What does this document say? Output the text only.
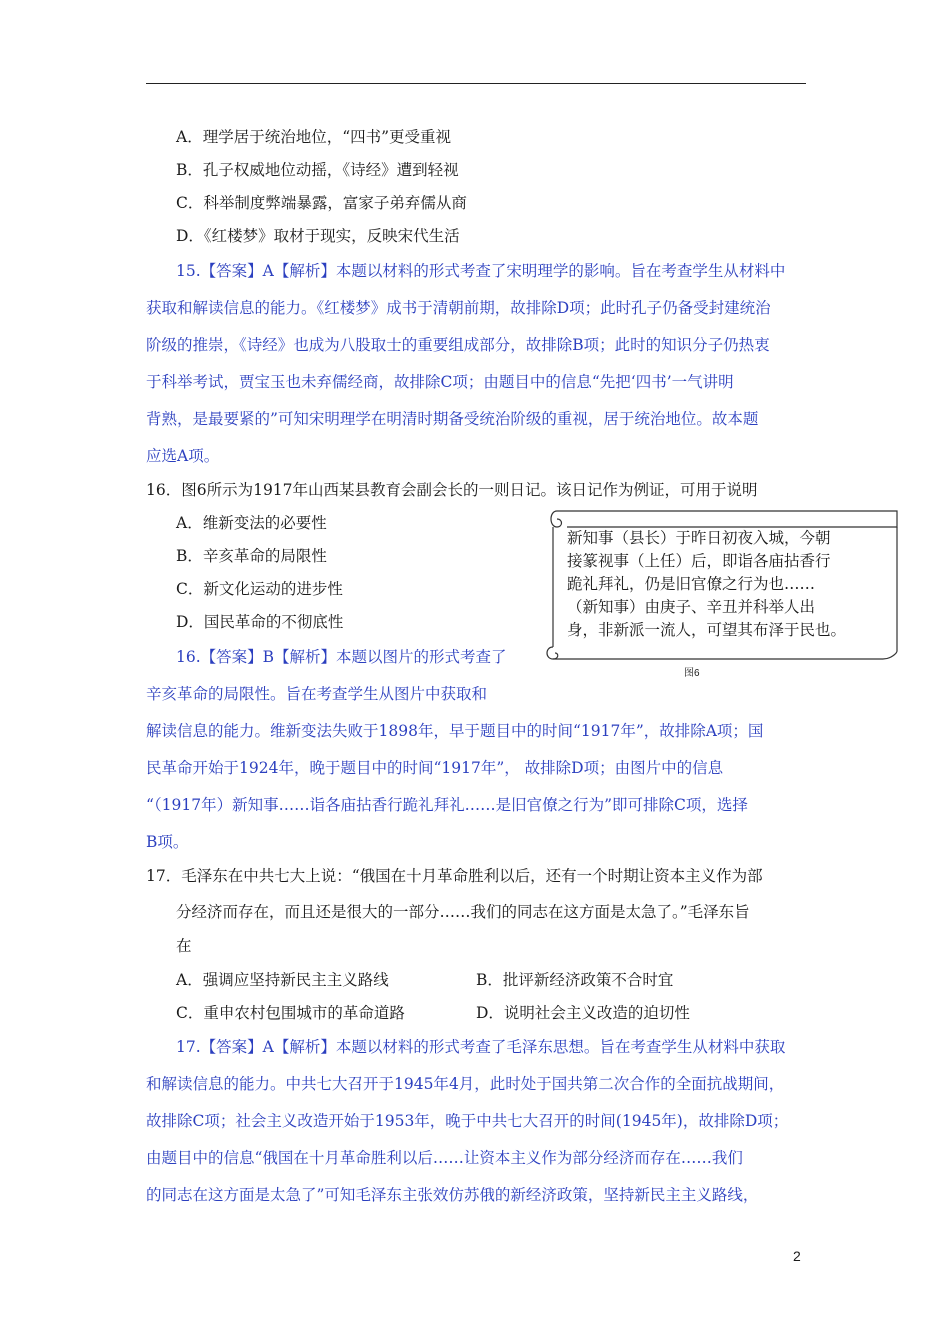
A．理学居于统治地位，“四书”更受重视
B．孔子权威地位动摇，《诗经》遭到轻视
C．科举制度弊端暴露，富家子弟弃儒从商
D．《红楼梦》取材于现实，反映宋代生活
15.【答案】A【解析】本题以材料的形式考查了宋明理学的影响。旨在考查学生从材料中
获取和解读信息的能力。《红楼梦》成书于清朝前期，故排除D项；此时孔子仍备受封建统治
阶级的推崇，《诗经》也成为八股取士的重要组成部分，故排除B项；此时的知识分子仍热衷
于科举考试，贾宝玉也未弃儒经商，故排除C项；由题目中的信息“先把‘四书’一气讲明
背熟，是最要紧的”可知宋明理学在明清时期备受统治阶级的重视，居于统治地位。故本题
应选A项。
16．图6所示为1917年山西某县教育会副会长的一则日记。该日记作为例证，可用于说明
A．维新变法的必要性
B．辛亥革命的局限性
C．新文化运动的进步性
D．国民革命的不彻底性
新知事（县长）于昨日初夜入城，今朝
接篆视事（上任）后，即诣各庙拈香行
跪礼拜礼，仍是旧官僚之行为也……
（新知事）由庚子、辛丑并科举人出
身，非新派一流人，可望其布泽于民也。
图6
16.【答案】B【解析】本题以图片的形式考查了
辛亥革命的局限性。旨在考查学生从图片中获取和
解读信息的能力。维新变法失败于1898年，早于题目中的时间“1917年”，故排除A项；国
民革命开始于1924年，晚于题目中的时间“1917年”， 故排除D项；由图片中的信息
“（1917年）新知事……诣各庙拈香行跪礼拜礼……是旧官僚之行为”即可排除C项，选择
B项。
17．毛泽东在中共七大上说：“俄国在十月革命胜利以后，还有一个时期让资本主义作为部
分经济而存在，而且还是很大的一部分……我们的同志在这方面是太急了。”毛泽东旨
在
A．强调应坚持新民主主义路线	B．批评新经济政策不合时宜
C．重申农村包围城市的革命道路	D．说明社会主义改造的迫切性
17.【答案】A【解析】本题以材料的形式考查了毛泽东思想。旨在考查学生从材料中获取
和解读信息的能力。中共七大召开于1945年4月，此时处于国共第二次合作的全面抗战期间，
故排除C项；社会主义改造开始于1953年，晚于中共七大召开的时间(1945年)，故排除D项；
由题目中的信息“俄国在十月革命胜利以后……让资本主义作为部分经济而存在……我们
的同志在这方面是太急了”可知毛泽东主张效仿苏俄的新经济政策，坚持新民主主义路线，
2
